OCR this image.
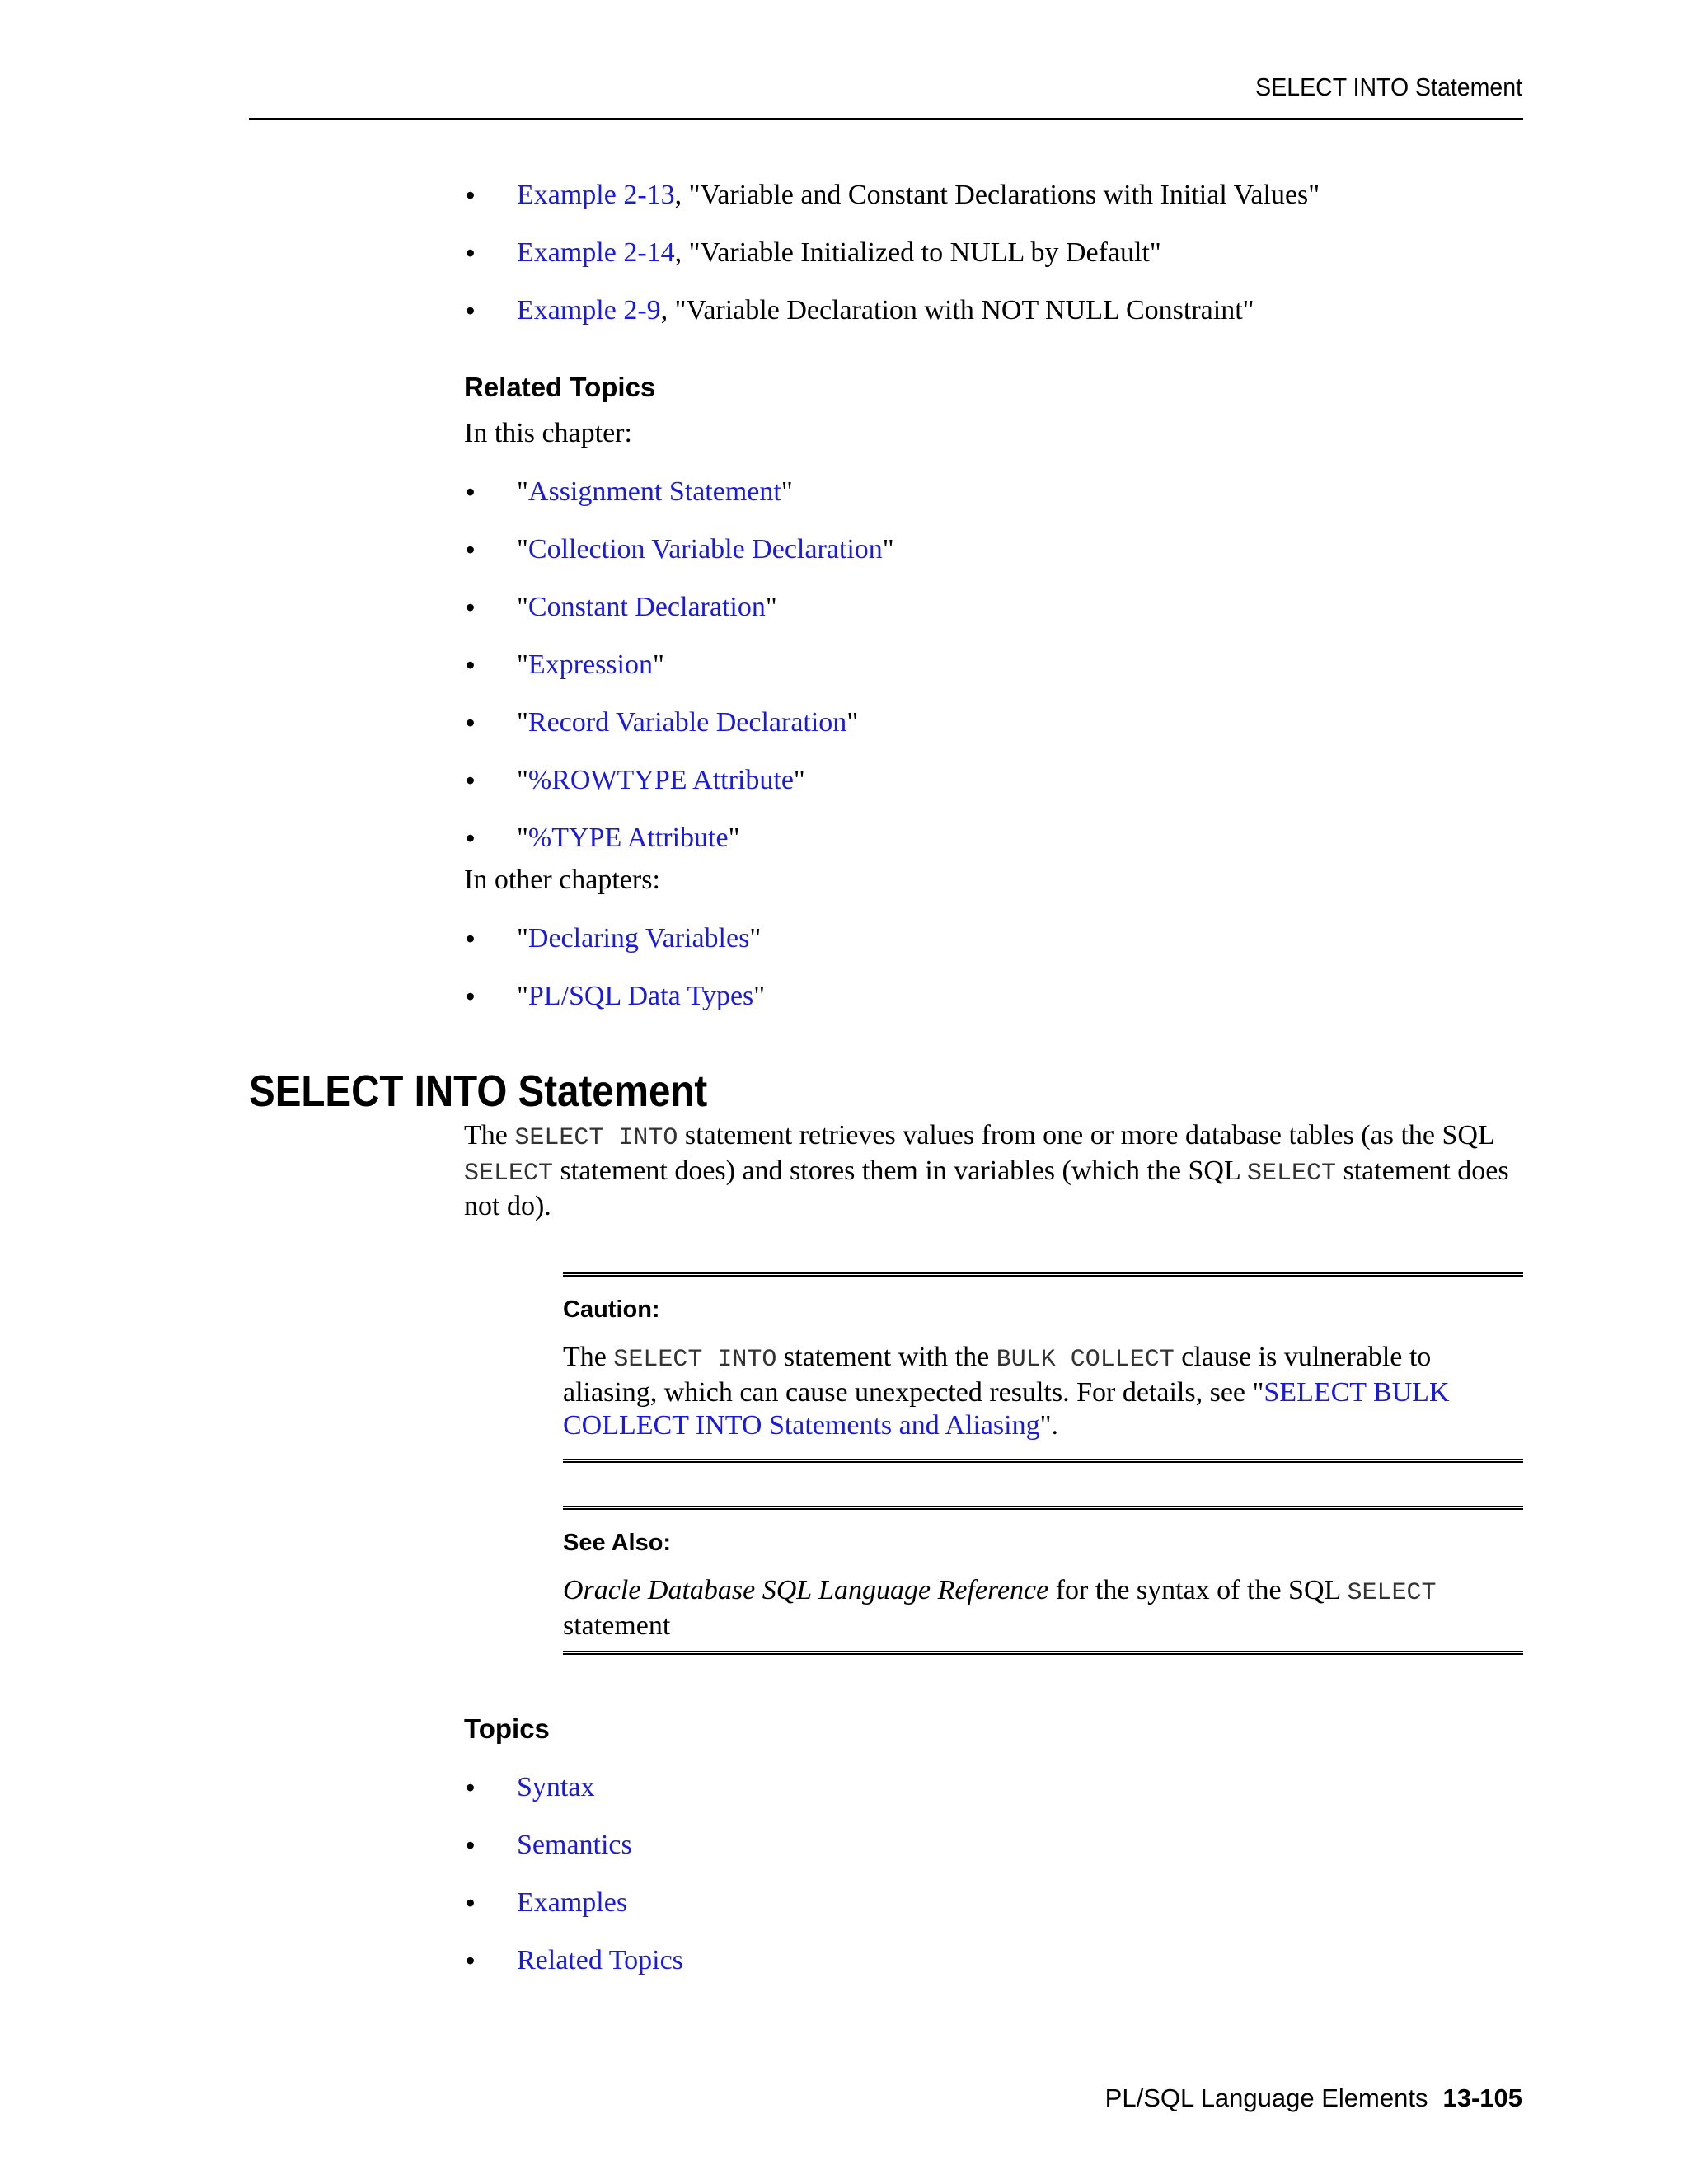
SELECT INTO Statement
• Example 2-13, "Variable and Constant Declarations with Initial Values"
• Example 2-14, "Variable Initialized to NULL by Default"
• Example 2-9, "Variable Declaration with NOT NULL Constraint"
Related Topics
In this chapter:
• "Assignment Statement"
• "Collection Variable Declaration"
• "Constant Declaration"
• "Expression"
• "Record Variable Declaration"
• "%ROWTYPE Attribute"
• "%TYPE Attribute"
In other chapters:
• "Declaring Variables"
• "PL/SQL Data Types"
SELECT INTO Statement
The SELECT INTO statement retrieves values from one or more database tables (as the SQL SELECT statement does) and stores them in variables (which the SQL SELECT statement does not do).
Caution:
The SELECT INTO statement with the BULK COLLECT clause is vulnerable to aliasing, which can cause unexpected results. For details, see "SELECT BULK COLLECT INTO Statements and Aliasing".
See Also:
Oracle Database SQL Language Reference for the syntax of the SQL SELECT statement
Topics
• Syntax
• Semantics
• Examples
• Related Topics
PL/SQL Language Elements 13-105
